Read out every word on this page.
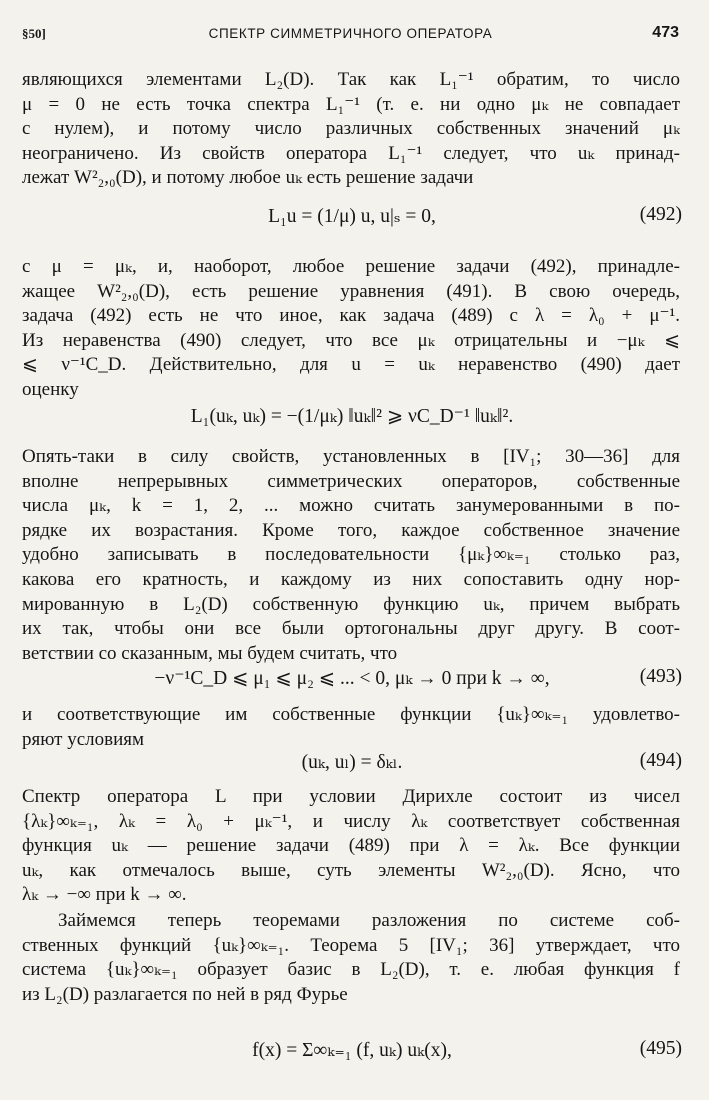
§50]	СПЕКТР СИММЕТРИЧНОГО ОПЕРАТОРА	473
являющихся элементами L₂(D). Так как L₁⁻¹ обратим, то число
μ = 0 не есть точка спектра L₁⁻¹ (т. е. ни одно μₖ не совпадает
с нулем), и потому число различных собственных значений μₖ
неограничено. Из свойств оператора L₁⁻¹ следует, что uₖ принад-
лежат W²₂,₀(D), и потому любое uₖ есть решение задачи
L₁u = (1/μ) u, u|ₛ = 0,	(492)
с μ = μₖ, и, наоборот, любое решение задачи (492), принадле-
жащее W²₂,₀(D), есть решение уравнения (491). В свою очередь,
задача (492) есть не что иное, как задача (489) с λ = λ₀ + μ⁻¹.
Из неравенства (490) следует, что все μₖ отрицательны и −μₖ ⩽
⩽ ν⁻¹C_D. Действительно, для u = uₖ неравенство (490) дает
оценку
L₁(uₖ, uₖ) = −(1/μₖ) ‖uₖ‖² ⩾ νC_D⁻¹ ‖uₖ‖².
Опять-таки в силу свойств, установленных в [IV₁; 30—36] для
вполне непрерывных симметрических операторов, собственные
числа μₖ, k = 1, 2, ... можно считать занумерованными в по-
рядке их возрастания. Кроме того, каждое собственное значение
удобно записывать в последовательности {μₖ}∞ₖ₌₁ столько раз,
какова его кратность, и каждому из них сопоставить одну нор-
мированную в L₂(D) собственную функцию uₖ, причем выбрать
их так, чтобы они все были ортогональны друг другу. В соот-
ветствии со сказанным, мы будем считать, что
−ν⁻¹C_D ⩽ μ₁ ⩽ μ₂ ⩽ ... < 0, μₖ → 0 при k → ∞,	(493)
и соответствующие им собственные функции {uₖ}∞ₖ₌₁ удовлетво-
ряют условиям
(uₖ, uₗ) = δₖₗ.	(494)
Спектр оператора L при условии Дирихле состоит из чисел
{λₖ}∞ₖ₌₁, λₖ = λ₀ + μₖ⁻¹, и числу λₖ соответствует собственная
функция uₖ — решение задачи (489) при λ = λₖ. Все функции
uₖ, как отмечалось выше, суть элементы W²₂,₀(D). Ясно, что
λₖ → −∞ при k → ∞.
Займемся теперь теоремами разложения по системе соб-
ственных функций {uₖ}∞ₖ₌₁. Теорема 5 [IV₁; 36] утверждает, что
система {uₖ}∞ₖ₌₁ образует базис в L₂(D), т. е. любая функция f
из L₂(D) разлагается по ней в ряд Фурье
f(x) = Σ∞ₖ₌₁ (f, uₖ) uₖ(x),	(495)
